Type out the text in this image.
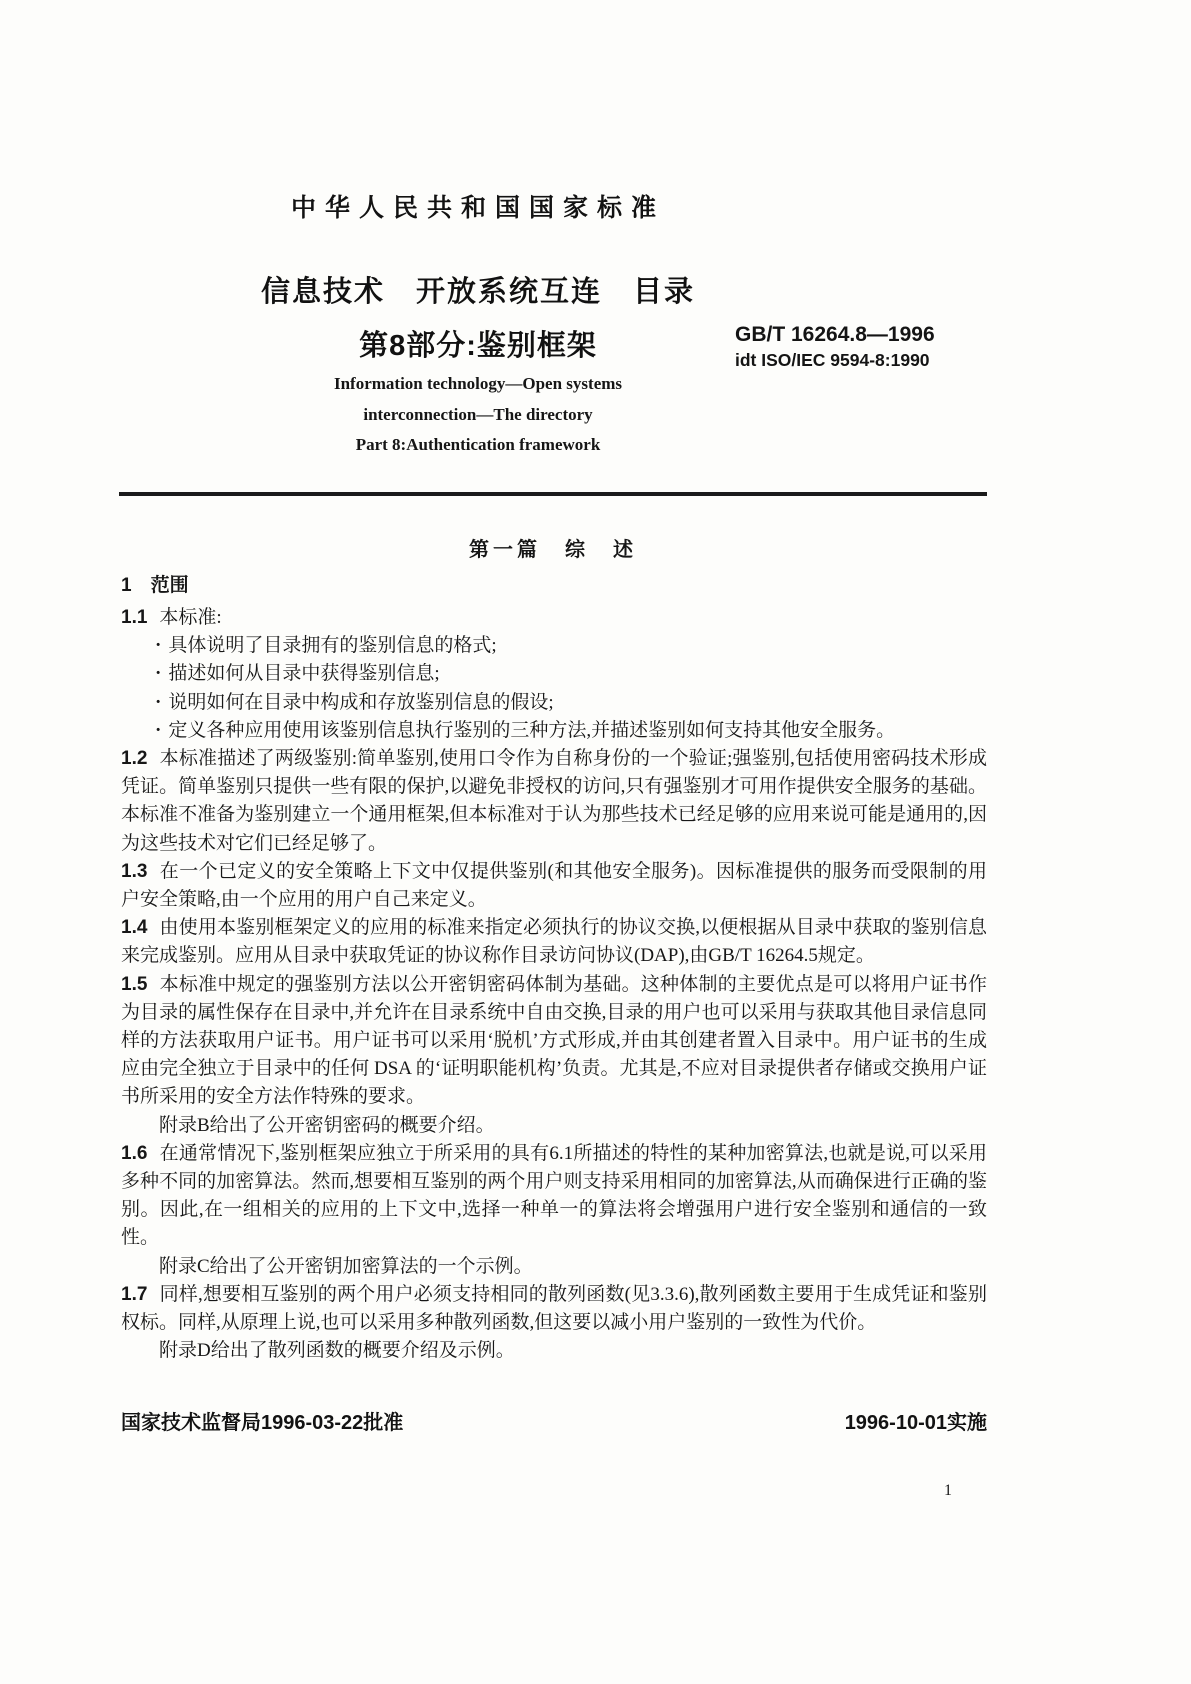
中华人民共和国国家标准
信息技术　开放系统互连　目录
第8部分:鉴别框架	GB/T 16264.8—1996
idt ISO/IEC 9594-8:1990
Information technology—Open systems
interconnection—The directory
Part 8:Authentication framework
第一篇　综　述
1　范围

1.1 本标准:

· 具体说明了目录拥有的鉴别信息的格式;

· 描述如何从目录中获得鉴别信息;

· 说明如何在目录中构成和存放鉴别信息的假设;

· 定义各种应用使用该鉴别信息执行鉴别的三种方法,并描述鉴别如何支持其他安全服务。

1.2 本标准描述了两级鉴别:简单鉴别,使用口令作为自称身份的一个验证;强鉴别,包括使用密码技术形成凭证。简单鉴别只提供一些有限的保护,以避免非授权的访问,只有强鉴别才可用作提供安全服务的基础。本标准不准备为鉴别建立一个通用框架,但本标准对于认为那些技术已经足够的应用来说可能是通用的,因为这些技术对它们已经足够了。

1.3 在一个已定义的安全策略上下文中仅提供鉴别(和其他安全服务)。因标准提供的服务而受限制的用户安全策略,由一个应用的用户自己来定义。

1.4 由使用本鉴别框架定义的应用的标准来指定必须执行的协议交换,以便根据从目录中获取的鉴别信息来完成鉴别。应用从目录中获取凭证的协议称作目录访问协议(DAP),由GB/T 16264.5规定。

1.5 本标准中规定的强鉴别方法以公开密钥密码体制为基础。这种体制的主要优点是可以将用户证书作为目录的属性保存在目录中,并允许在目录系统中自由交换,目录的用户也可以采用与获取其他目录信息同样的方法获取用户证书。用户证书可以采用‘脱机’方式形成,并由其创建者置入目录中。用户证书的生成应由完全独立于目录中的任何 DSA 的‘证明职能机构’负责。尤其是,不应对目录提供者存储或交换用户证书所采用的安全方法作特殊的要求。

附录B给出了公开密钥密码的概要介绍。

1.6 在通常情况下,鉴别框架应独立于所采用的具有6.1所描述的特性的某种加密算法,也就是说,可以采用多种不同的加密算法。然而,想要相互鉴别的两个用户则支持采用相同的加密算法,从而确保进行正确的鉴别。因此,在一组相关的应用的上下文中,选择一种单一的算法将会增强用户进行安全鉴别和通信的一致性。

附录C给出了公开密钥加密算法的一个示例。

1.7 同样,想要相互鉴别的两个用户必须支持相同的散列函数(见3.3.6),散列函数主要用于生成凭证和鉴别权标。同样,从原理上说,也可以采用多种散列函数,但这要以减小用户鉴别的一致性为代价。

附录D给出了散列函数的概要介绍及示例。

国家技术监督局1996-03-22批准	1996-10-01实施
1
